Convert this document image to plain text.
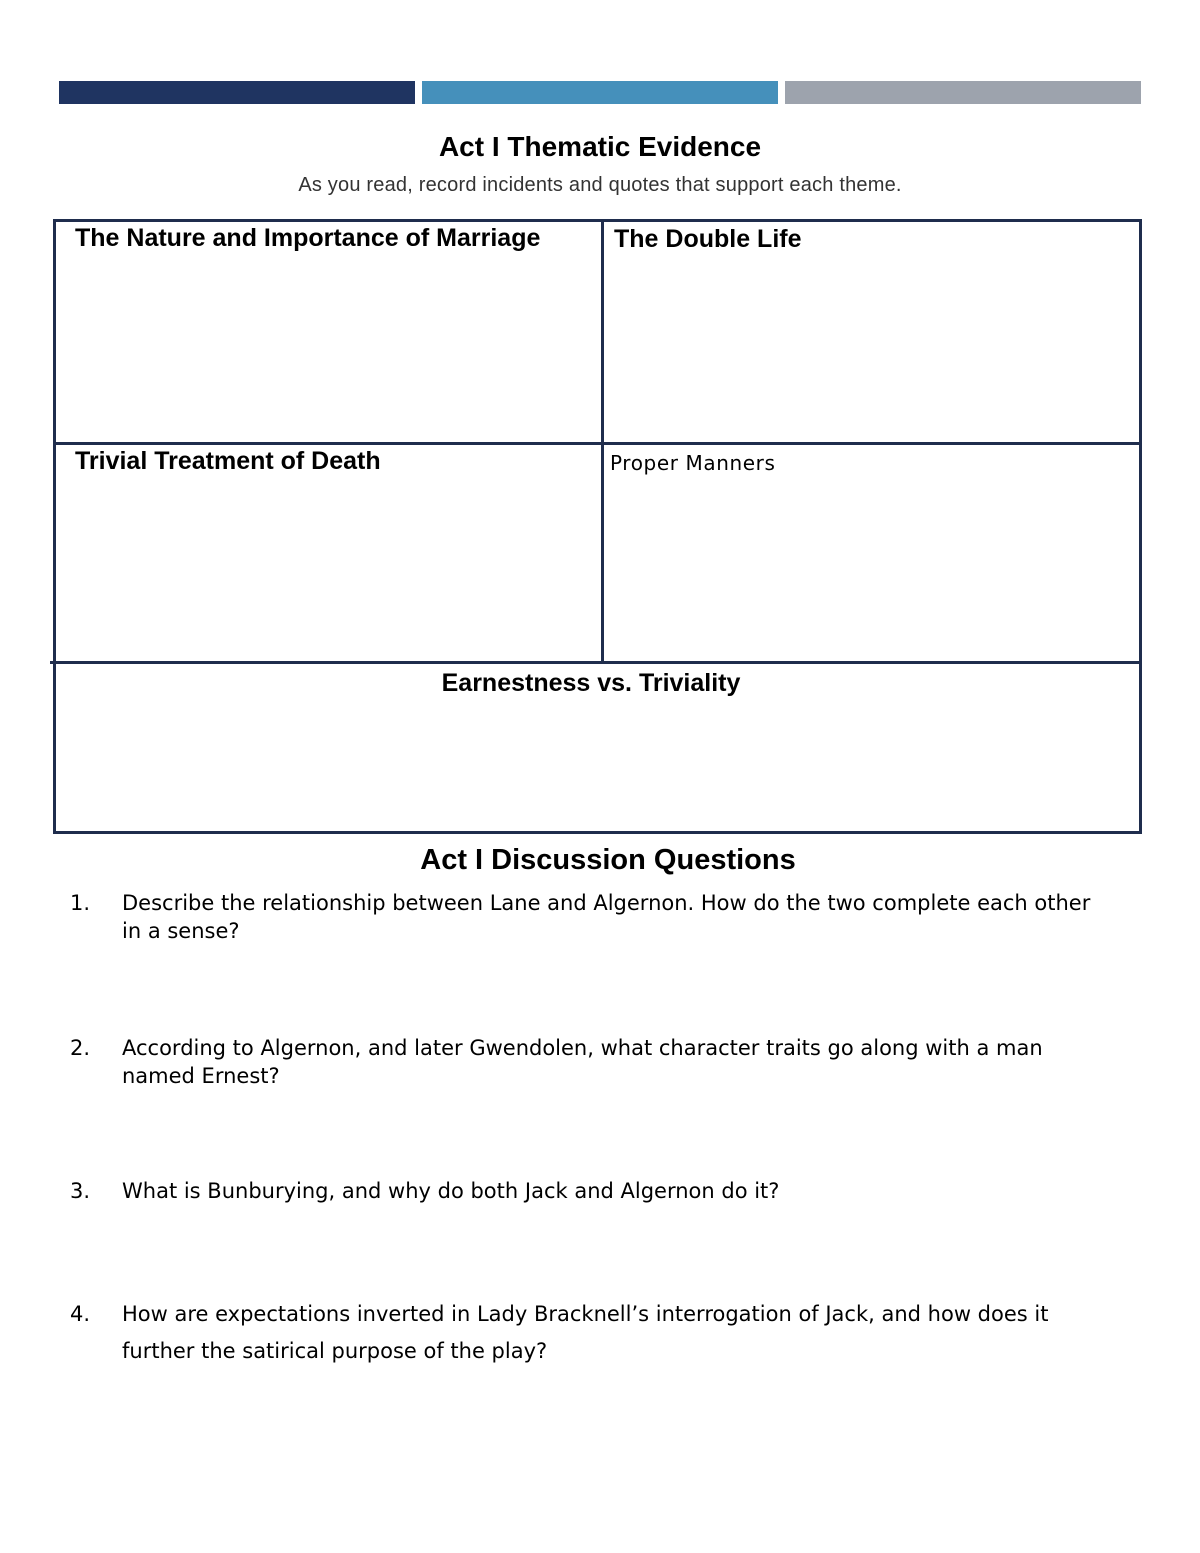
Act I Thematic Evidence
As you read, record incidents and quotes that support each theme.
The Nature and Importance of Marriage	The Double Life
Trivial Treatment of Death	Proper Manners
Earnestness vs. Triviality
Act I Discussion Questions
1. Describe the relationship between Lane and Algernon. How do the two complete each other in a sense?
2. According to Algernon, and later Gwendolen, what character traits go along with a man named Ernest?
3. What is Bunburying, and why do both Jack and Algernon do it?
4. How are expectations inverted in Lady Bracknell’s interrogation of Jack, and how does it further the satirical purpose of the play?
